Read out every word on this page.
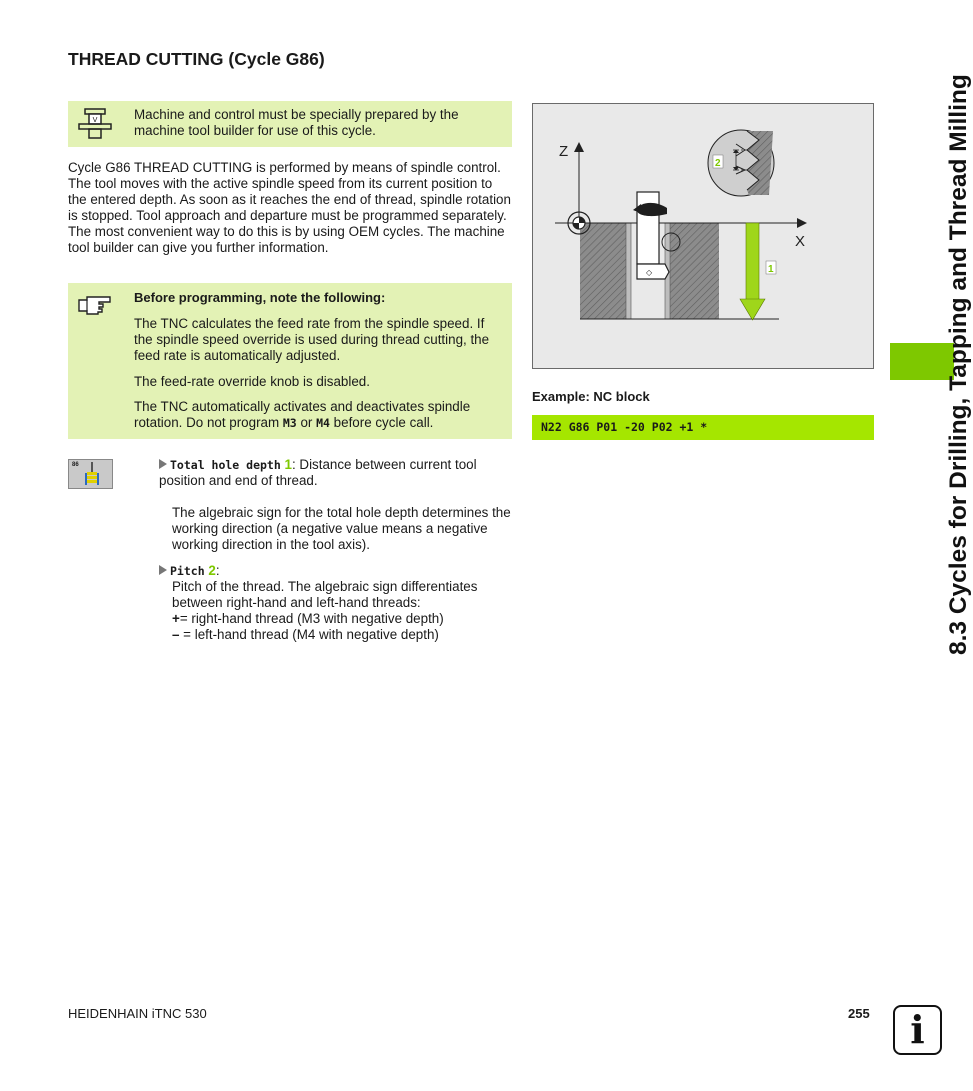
THREAD CUTTING (Cycle G86)
V	Machine and control must be specially prepared by the machine tool builder for use of this cycle.
Cycle G86 THREAD CUTTING is performed by means of spindle control. The tool moves with the active spindle speed from its current position to the entered depth. As soon as it reaches the end of thread, spindle rotation is stopped. Tool approach and departure must be programmed separately. The most convenient way to do this is by using OEM cycles. The machine tool builder can give you further information.
Before programming, note the following:
The TNC calculates the feed rate from the spindle speed. If the spindle speed override is used during thread cutting, the feed rate is automatically adjusted.
The feed-rate override knob is disabled.
The TNC automatically activates and deactivates spindle rotation. Do not program M3 or M4 before cycle call.
86	Total hole depth 1: Distance between current tool position and end of thread.
The algebraic sign for the total hole depth determines the working direction (a negative value means a negative working direction in the tool axis).
Pitch 2:
Pitch of the thread. The algebraic sign differentiates between right-hand and left-hand threads:
+= right-hand thread (M3 with negative depth)
– = left-hand thread (M4 with negative depth)
Z
X
◇	1
2
Example: NC block
N22 G86 P01 -20 P02 +1 *	8.3 Cycles for Drilling, Tapping and Thread Milling
HEIDENHAIN iTNC 530	255	i
